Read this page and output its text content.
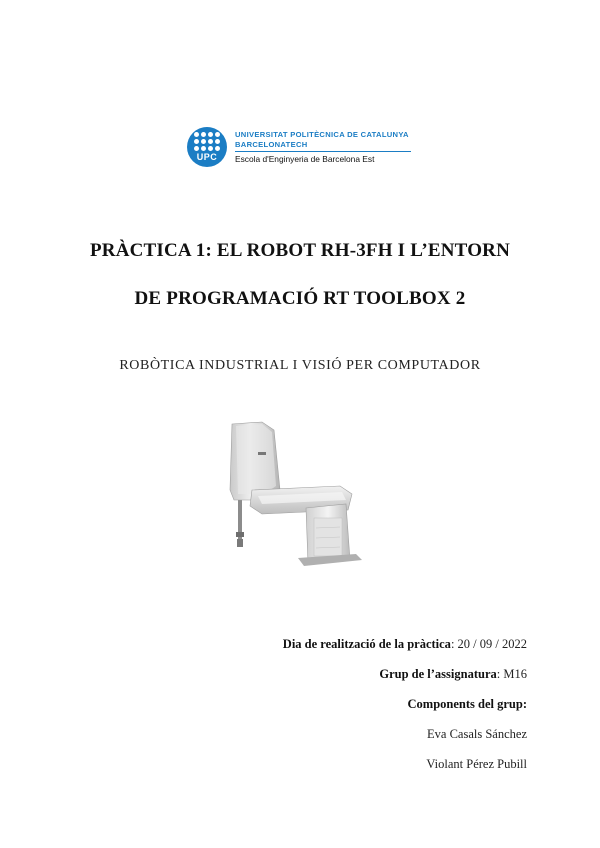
UPC
UNIVERSITAT POLITÈCNICA DE CATALUNYA
BARCELONATECH
Escola d'Enginyeria de Barcelona Est
PRÀCTICA 1: EL ROBOT RH-3FH I L’ENTORN
DE PROGRAMACIÓ RT TOOLBOX 2
ROBÒTICA INDUSTRIAL I VISIÓ PER COMPUTADOR
Dia de realització de la pràctica: 20 / 09 / 2022
Grup de l’assignatura: M16
Components del grup:
Eva Casals Sánchez
Violant Pérez Pubill
